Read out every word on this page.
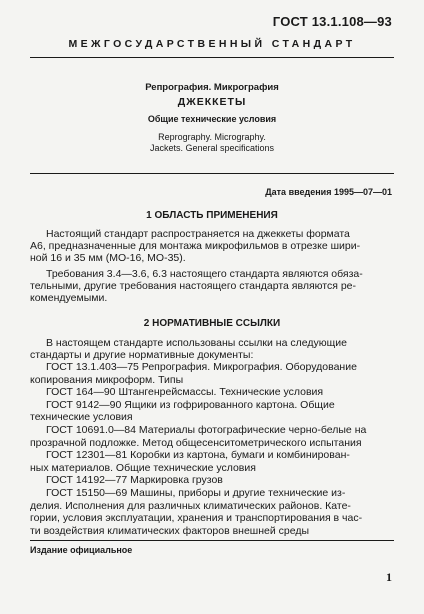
ГОСТ 13.1.108—93
МЕЖГОСУДАРСТВЕННЫЙ СТАНДАРТ
Репрография. Микрография
ДЖЕККЕТЫ
Общие технические условия
Reprography. Micrography.
Jackets. General specifications
Дата введения 1995—07—01
1 ОБЛАСТЬ ПРИМЕНЕНИЯ
Настоящий стандарт распространяется на джеккеты формата
А6, предназначенные для монтажа микрофильмов в отрезке шири-
ной 16 и 35 мм (МО-16, МО-35).
Требования 3.4—3.6, 6.3 настоящего стандарта являются обяза-
тельными, другие требования настоящего стандарта являются ре-
комендуемыми.
2 НОРМАТИВНЫЕ ССЫЛКИ
В настоящем стандарте использованы ссылки на следующие
стандарты и другие нормативные документы:
ГОСТ 13.1.403—75 Репрография. Микрография. Оборудование
копирования микроформ. Типы
ГОСТ 164—90 Штангенрейсмассы. Технические условия
ГОСТ 9142—90 Ящики из гофрированного картона. Общие
технические условия
ГОСТ 10691.0—84 Материалы фотографические черно-белые на
прозрачной подложке. Метод общесенситометрического испытания
ГОСТ 12301—81 Коробки из картона, бумаги и комбинирован-
ных материалов. Общие технические условия
ГОСТ 14192—77 Маркировка грузов
ГОСТ 15150—69 Машины, приборы и другие технические из-
делия. Исполнения для различных климатических районов. Кате-
гории, условия эксплуатации, хранения и транспортирования в час-
ти воздействия климатических факторов внешней среды
Издание официальное
1
